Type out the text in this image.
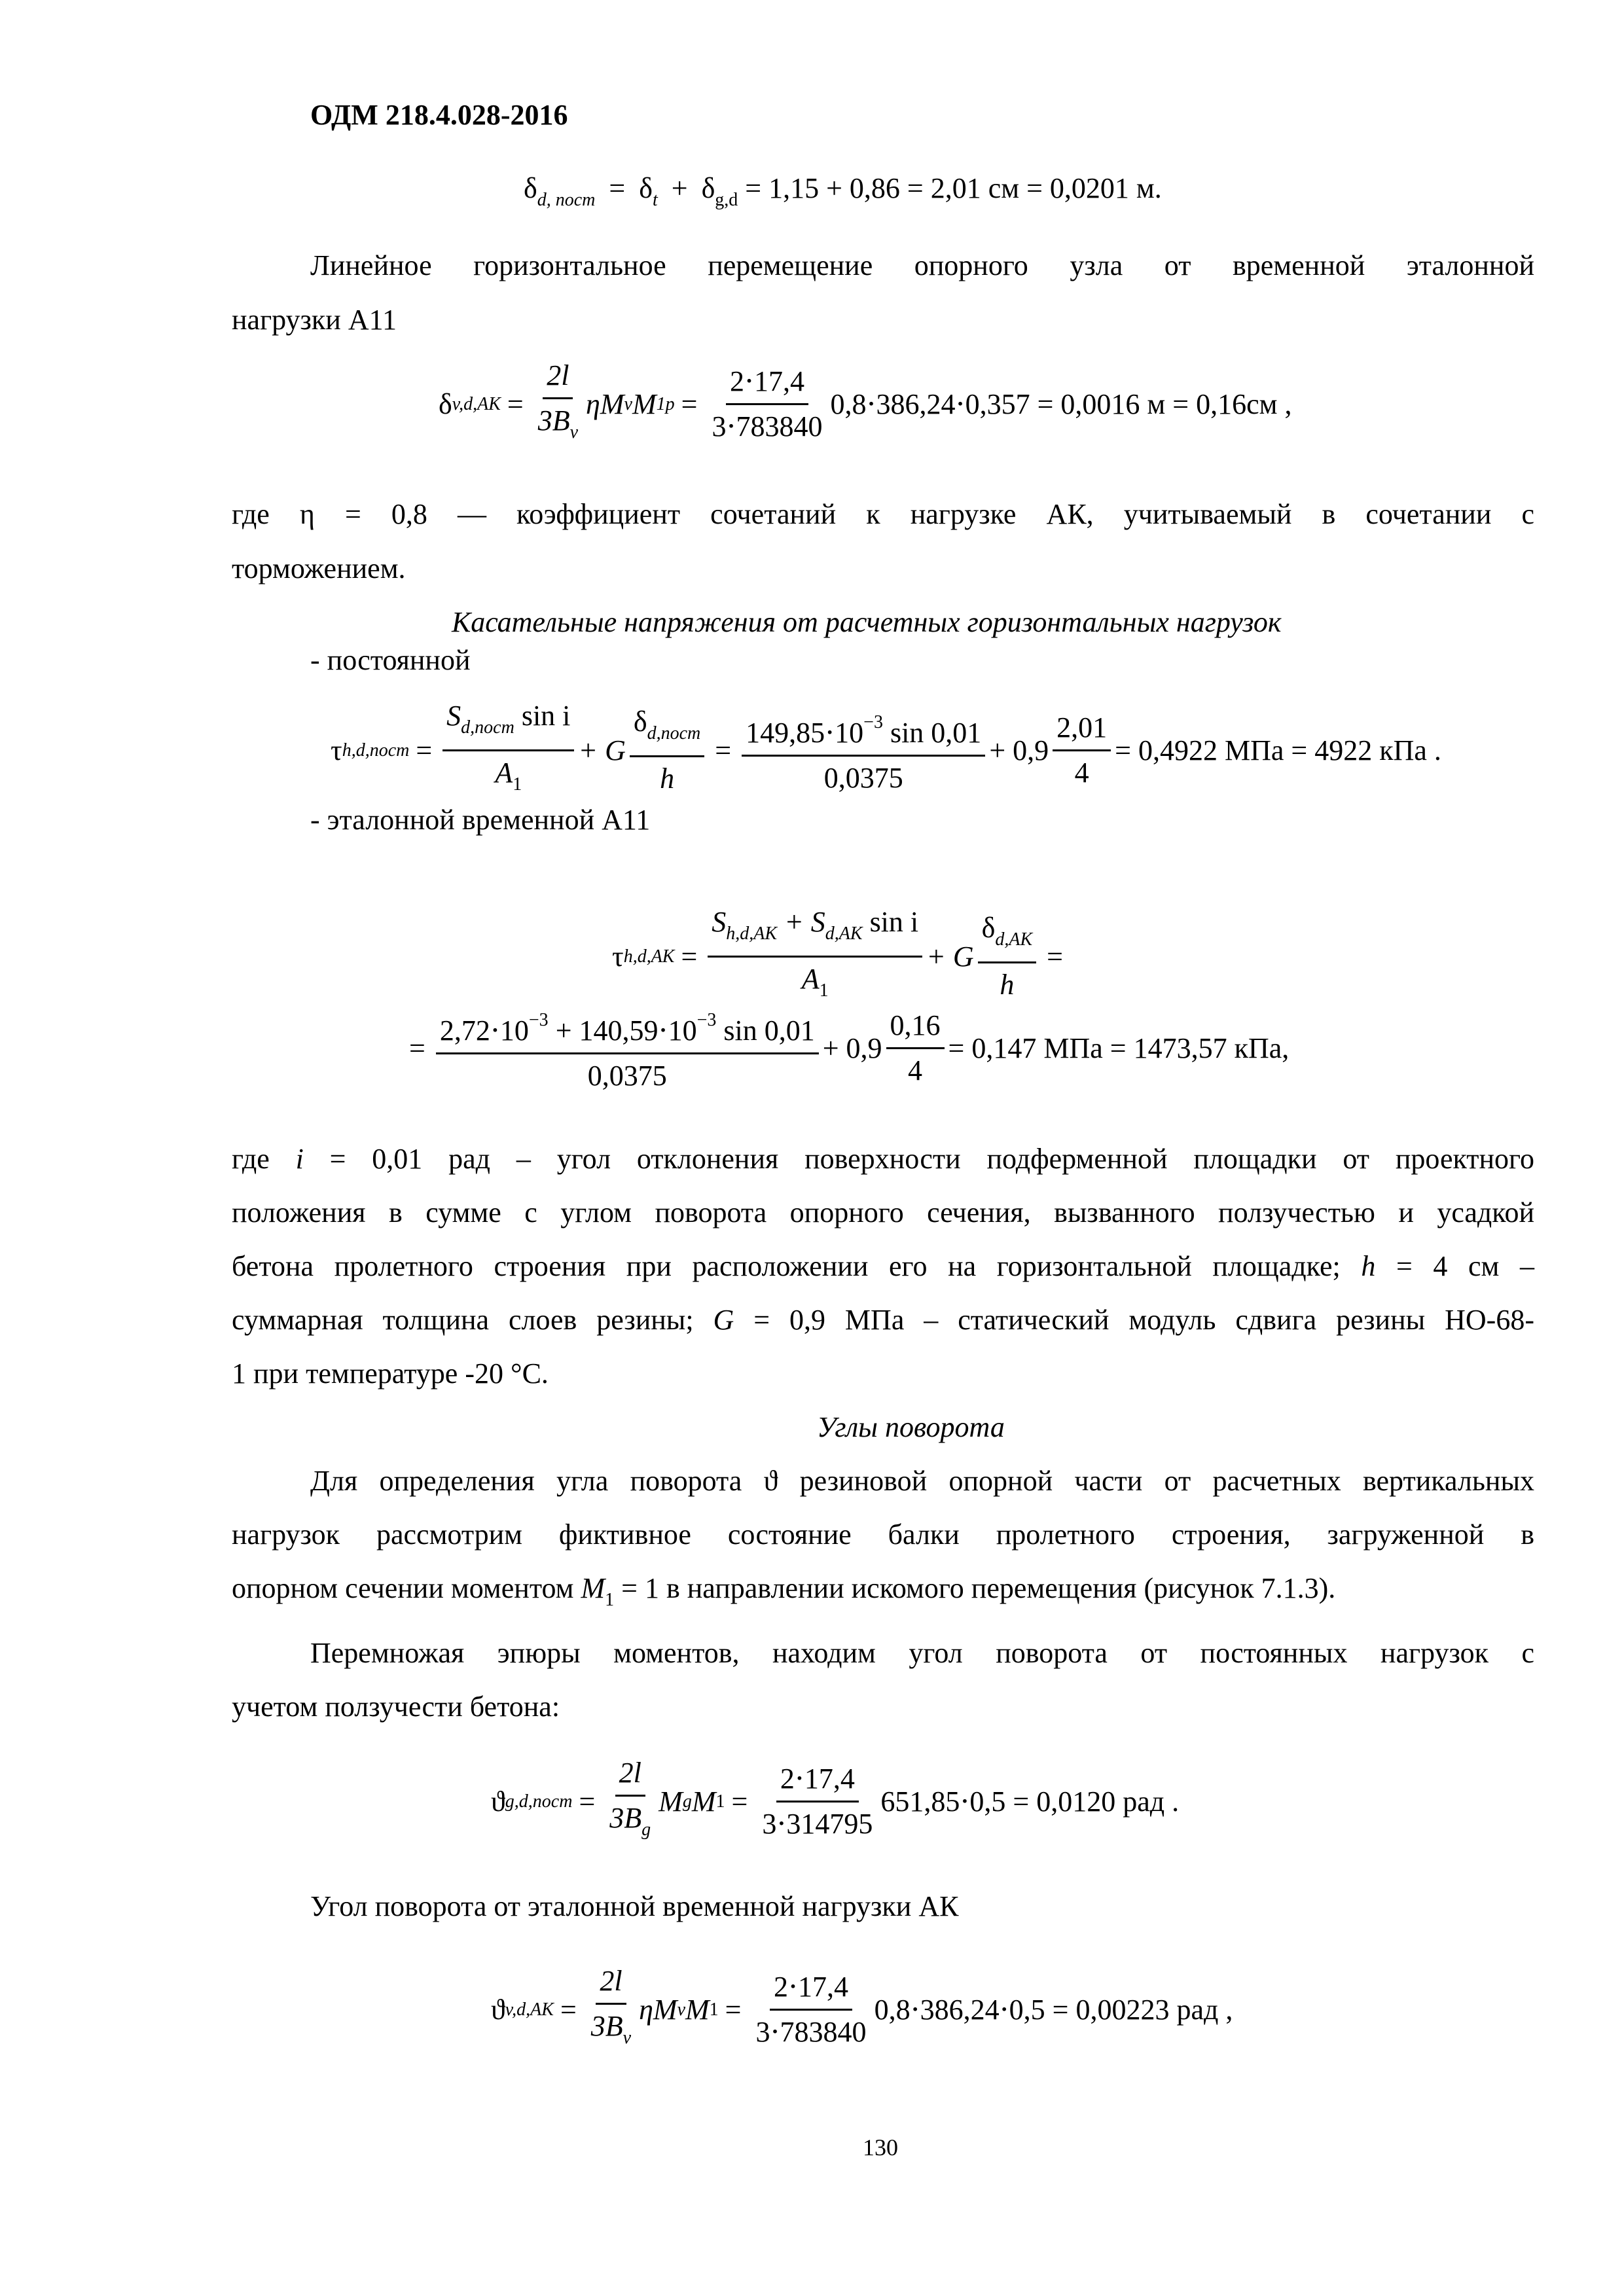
ОДМ 218.4.028-2016
$\delta_{d, пост} = \delta_t + \delta_{g,d} = 1,15 + 0,86 = 2,01$ см = 0,0201 м.
Линейное горизонтальное перемещение опорного узла от временной эталонной
нагрузки А11
δ $v,d,AK = \frac{2l}{3B_v}$ ηM v M $1p = \frac{2\cdot 17,4}{3\cdot 783840} 0,8\cdot 386,24\cdot 0,357 = 0,0016$ м = 0,16см ,
где η = 0,8 — коэффициент сочетаний к нагрузке АК, учитываемый в сочетании с
торможением.
Касательные напряжения от расчетных горизонтальных нагрузок
- постоянной
τ h,d,пост = $\frac{S_{d,пост} \sin i}{A_1} + G \frac{\delta_{d,пост}}{h} = \frac{149,85\cdot 10^{-3} \sin 0,01}{0,0375} + 0,9 \frac{2,01}{4} = 0,4922$ МПа = 4922 кПа .
- эталонной временной А11
τ $h,d,AK = \frac{S_{h,d,AK} + S_{d,AK} \sin i}{A_1} + G \frac{\delta_{d,AK}}{h}$ =
= $\frac{2,72\cdot 10^{-3} + 140,59\cdot 10^{-3} \sin 0,01}{0,0375} + 0,9 \frac{0,16}{4} = 0,147$ МПа = 1473,57 кПа,
где i = 0,01 рад – угол отклонения поверхности подферменной площадки от проектного
положения в сумме с углом поворота опорного сечения, вызванного ползучестью и усадкой
бетона пролетного строения при расположении его на горизонтальной площадке; h = 4 см –
суммарная толщина слоев резины; G = 0,9 МПа – статический модуль сдвига резины НО-68-
1 при температуре -20 °С.
Углы поворота
Для определения угла поворота ϑ резиновой опорной части от расчетных вертикальных
нагрузок рассмотрим фиктивное состояние балки пролетного строения, загруженной в
опорном сечении моментом $M_1 = 1$ в направлении искомого перемещения (рисунок 7.1.3).
Перемножая эпюры моментов, находим угол поворота от постоянных нагрузок с
учетом ползучести бетона:
ϑ g,d,пост = $\frac{2l}{3B_g}$ M g M $1 = \frac{2\cdot 17,4}{3\cdot 314795} 651,85\cdot 0,5 = 0,0120$ рад .
Угол поворота от эталонной временной нагрузки АК
ϑ $v,d,AK = \frac{2l}{3B_v}$ ηM v M $1 = \frac{2\cdot 17,4}{3\cdot 783840} 0,8\cdot 386,24\cdot 0,5 = 0,00223$ рад ,
130
